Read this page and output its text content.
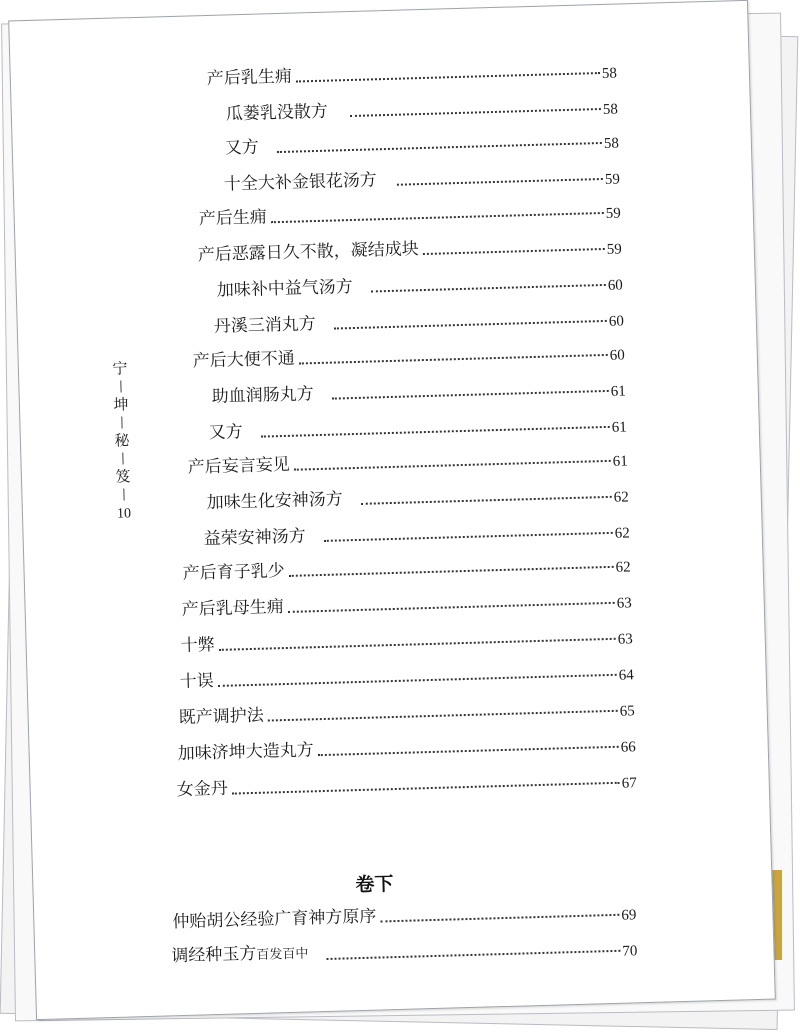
产后乳生痈	58
瓜蒌乳没散方	58
又方	58
十全大补金银花汤方	59
产后生痈	59
产后恶露日久不散，凝结成块	59
加味补中益气汤方	60
丹溪三消丸方	60
产后大便不通	60
助血润肠丸方	61
又方	61
产后妄言妄见	61
加味生化安神汤方	62
益荣安神汤方	62
产后育子乳少	62
产后乳母生痈	63
十弊	63
十误	64
既产调护法	65
加味济坤大造丸方	66
女金丹	67
卷下
仲贻胡公经验广育神方原序	69
调经种玉方百发百中	70
宁
坤
秘
笈
10
